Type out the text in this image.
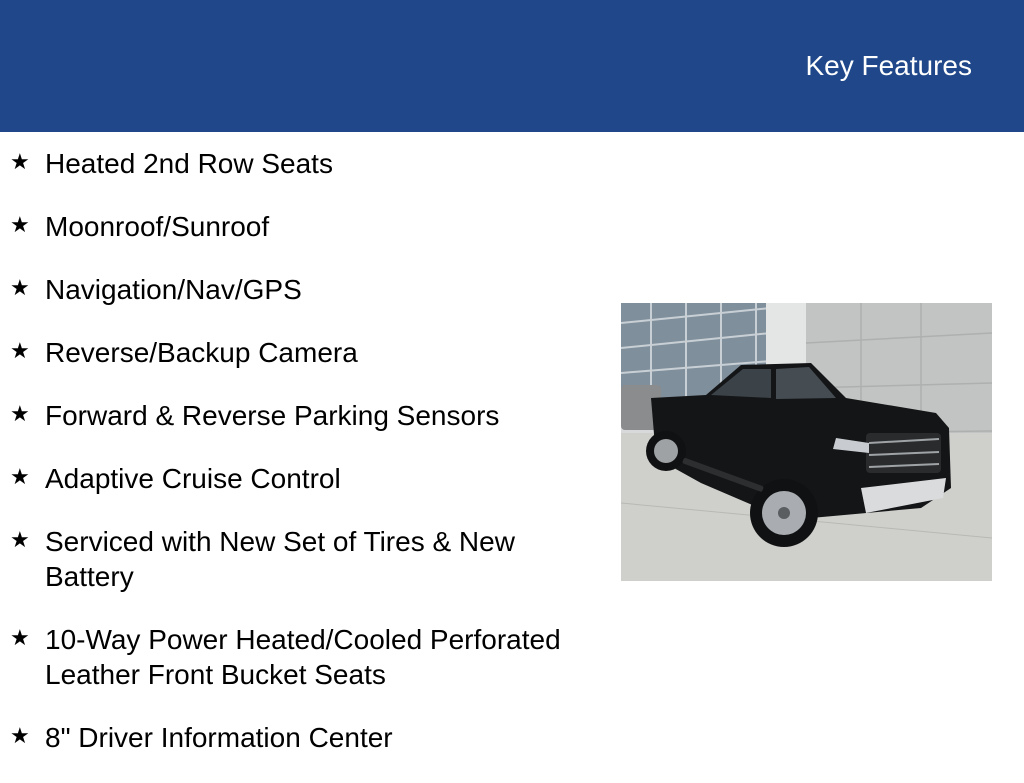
Key Features
★ Heated 2nd Row Seats
★ Moonroof/Sunroof
★ Navigation/Nav/GPS
★ Reverse/Backup Camera
★ Forward & Reverse Parking Sensors
★ Adaptive Cruise Control
★ Serviced with New Set of Tires & New Battery
★ 10-Way Power Heated/Cooled Perforated Leather Front Bucket Seats
★ 8" Driver Information Center
